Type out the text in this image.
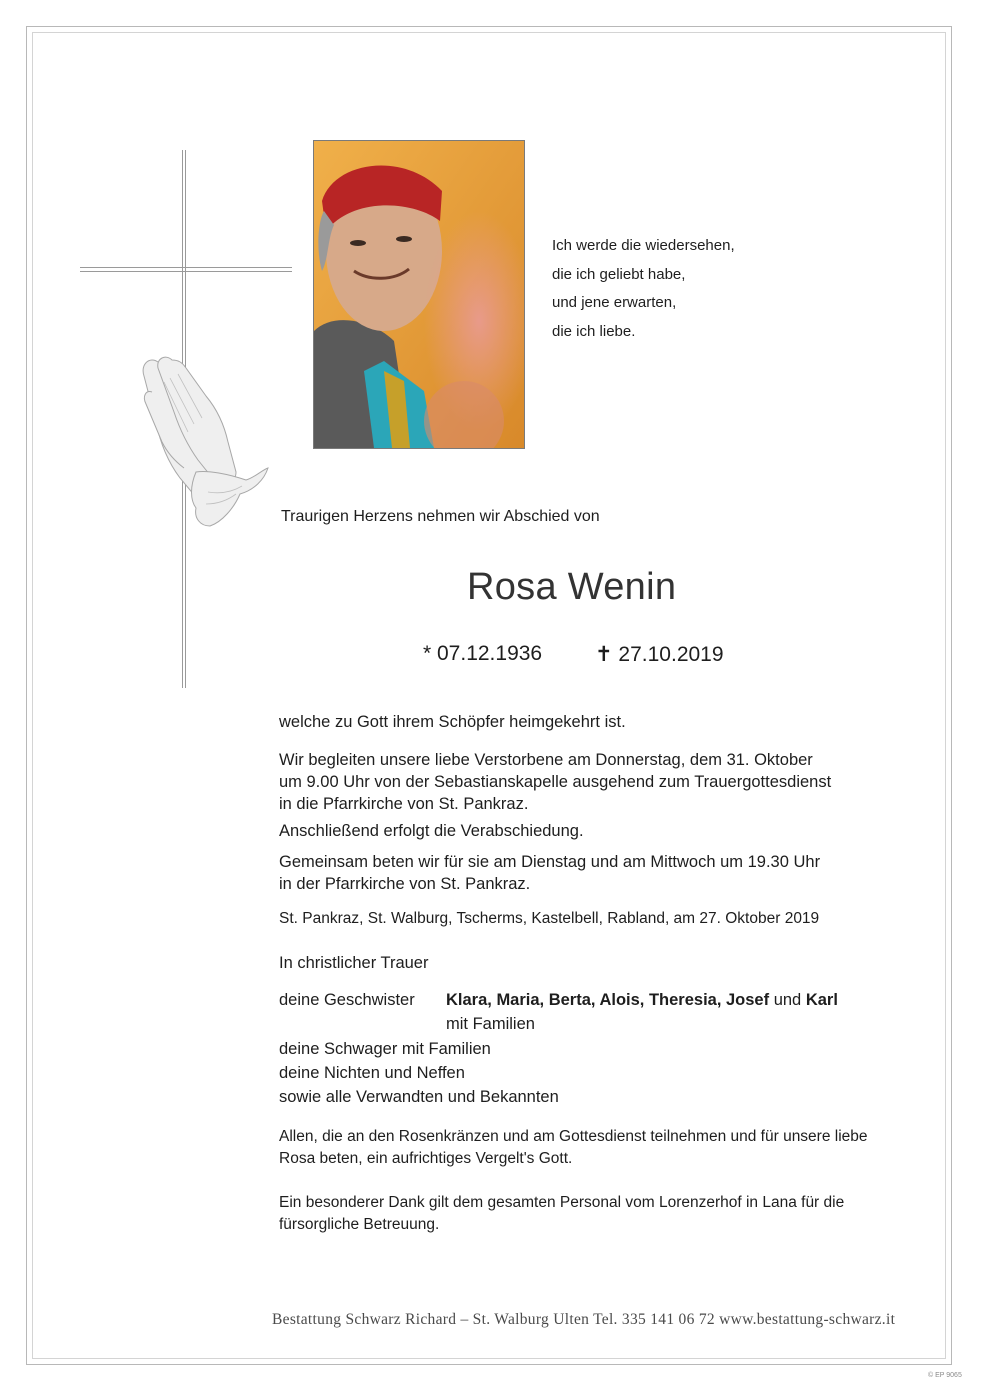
Ich werde die wiedersehen,
die ich geliebt habe,
und jene erwarten,
die ich liebe.
Traurigen Herzens nehmen wir Abschied von
Rosa Wenin
* 07.12.1936	✝ 27.10.2019
welche zu Gott ihrem Schöpfer heimgekehrt ist.
Wir begleiten unsere liebe Verstorbene am Donnerstag, dem 31. Oktober
um 9.00 Uhr von der Sebastianskapelle ausgehend zum Trauergottesdienst
in die Pfarrkirche von St. Pankraz.
Anschließend erfolgt die Verabschiedung.
Gemeinsam beten wir für sie am Dienstag und am Mittwoch um 19.30 Uhr
in der Pfarrkirche von St. Pankraz.
St. Pankraz, St. Walburg, Tscherms, Kastelbell, Rabland, am 27. Oktober 2019
In christlicher Trauer
deine Geschwister Klara, Maria, Berta, Alois, Theresia, Josef und Karl
mit Familien
deine Schwager mit Familien
deine Nichten und Neffen
sowie alle Verwandten und Bekannten
Allen, die an den Rosenkränzen und am Gottesdienst teilnehmen und für unsere liebe
Rosa beten, ein aufrichtiges Vergelt's Gott.
Ein besonderer Dank gilt dem gesamten Personal vom Lorenzerhof in Lana für die
fürsorgliche Betreuung.
Bestattung Schwarz Richard – St. Walburg Ulten Tel. 335 141 06 72 www.bestattung-schwarz.it
© EP 9065
